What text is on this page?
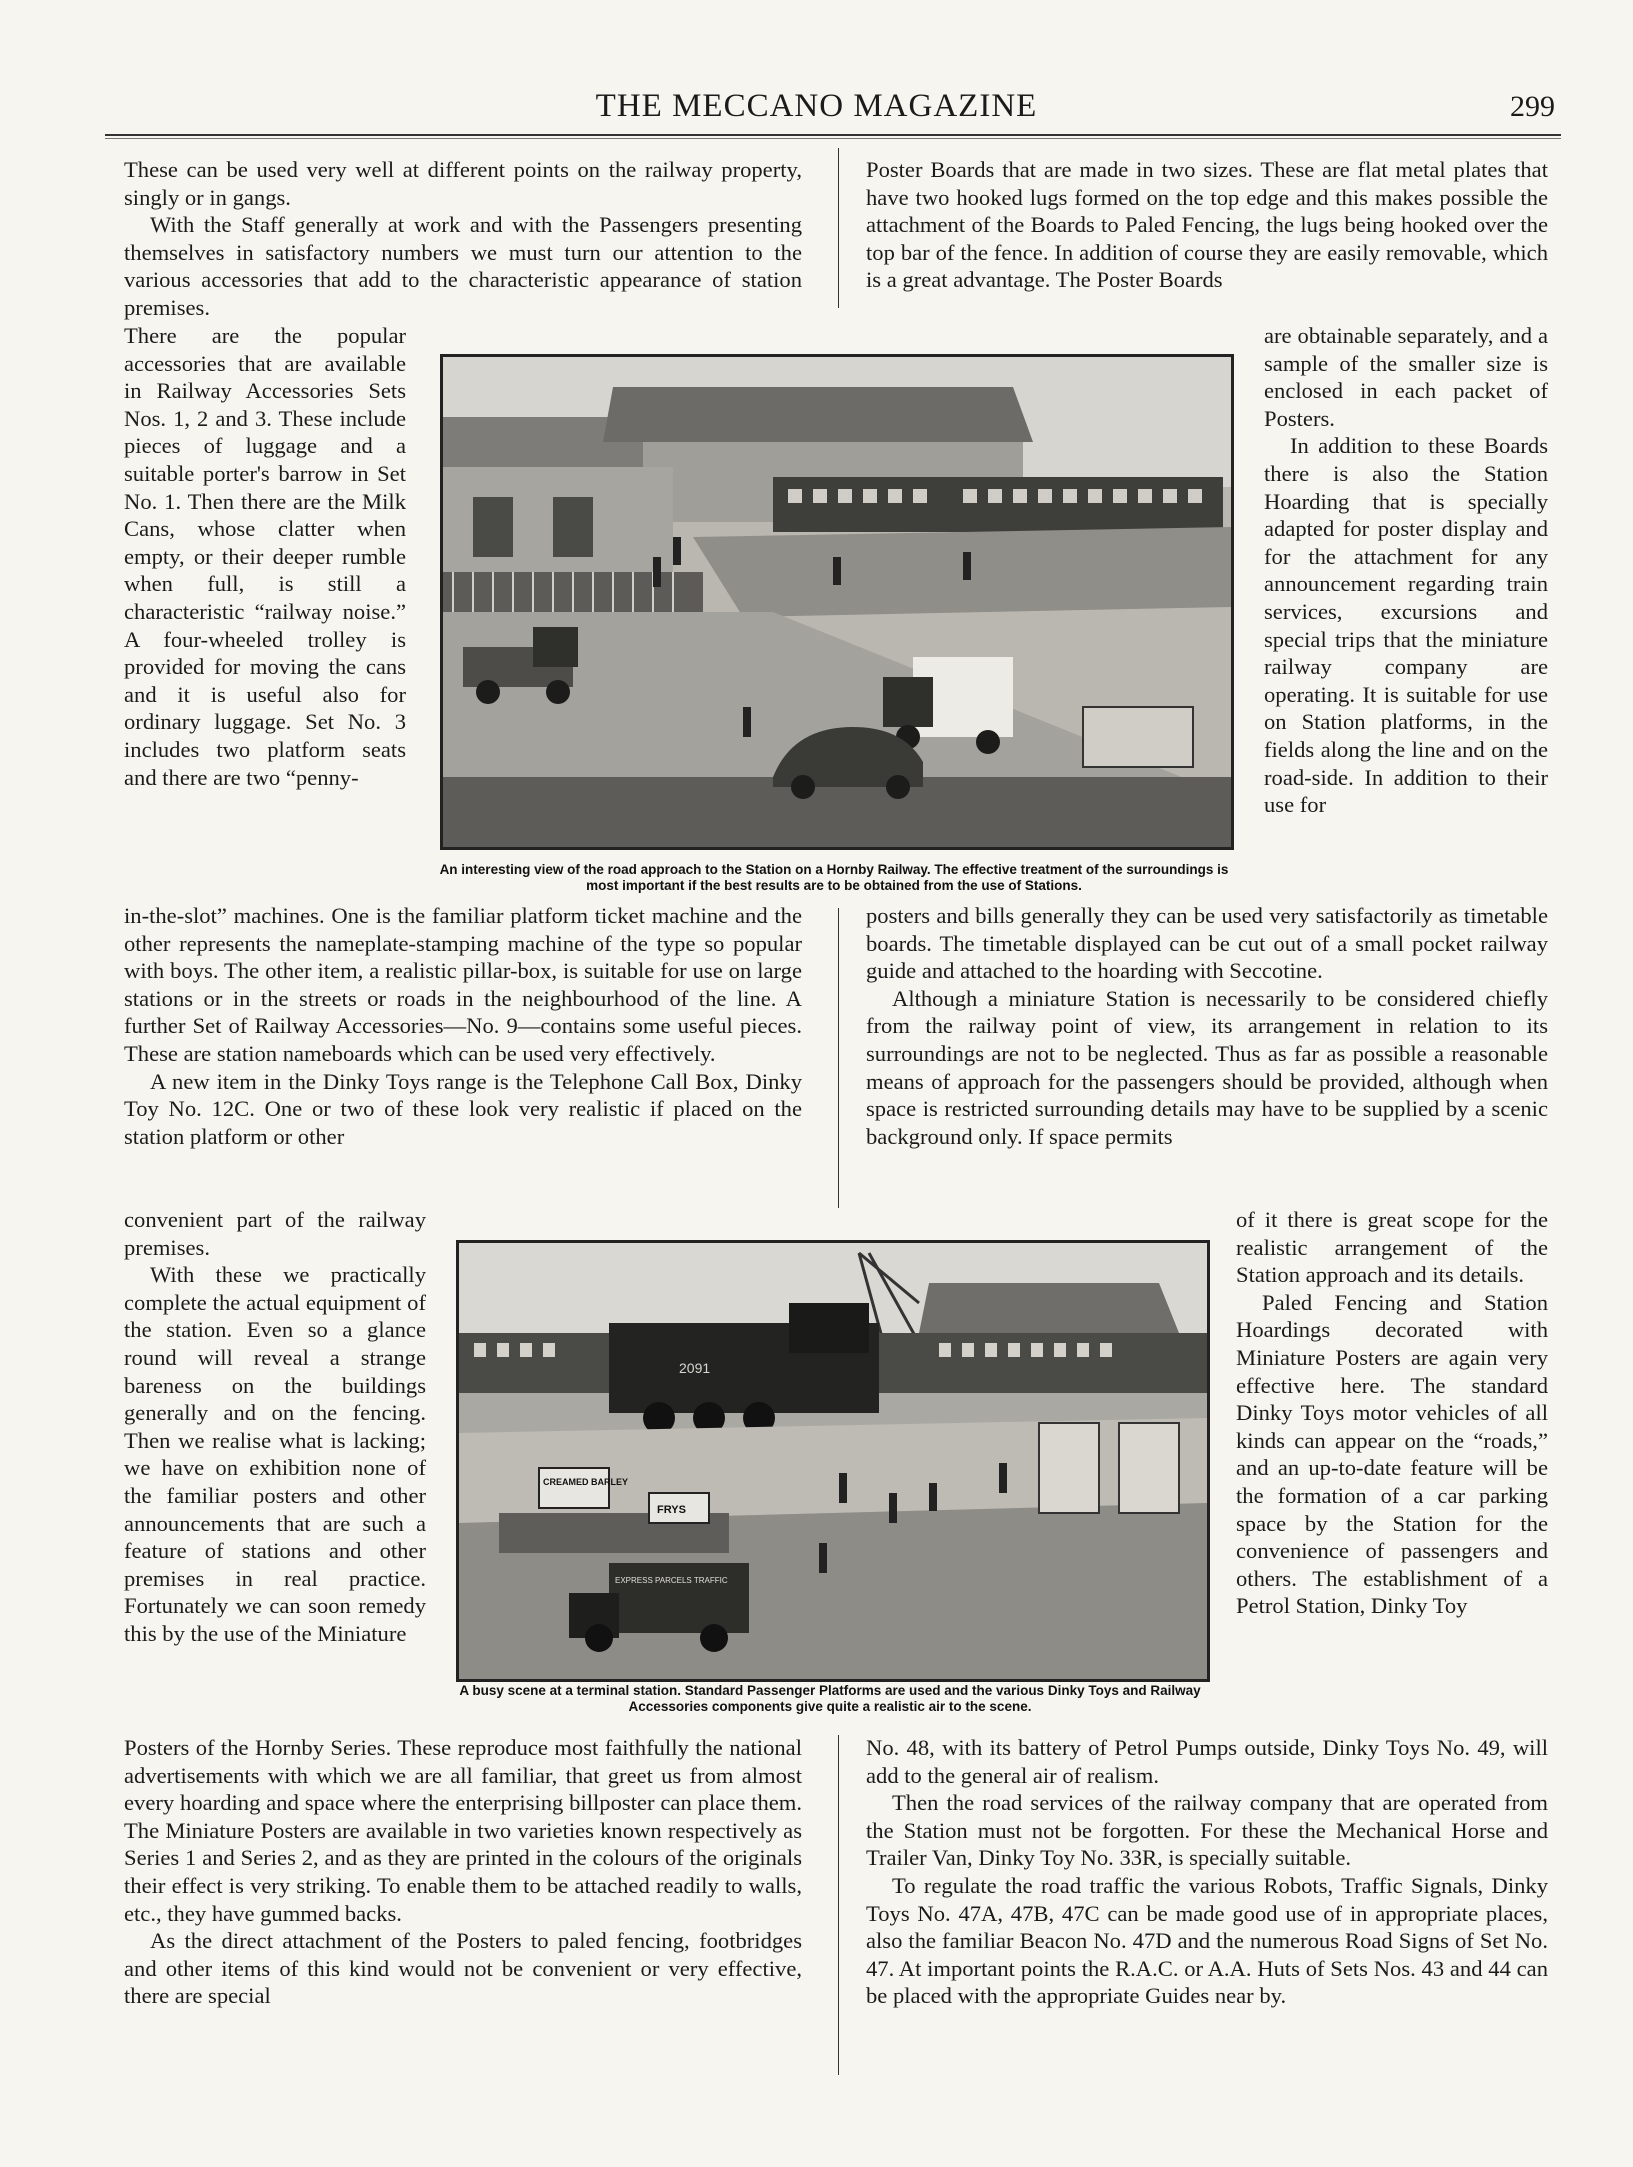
THE MECCANO MAGAZINE	299

These can be used very well at different points on the railway property, singly or in gangs.

With the Staff generally at work and with the Passengers presenting themselves in satisfactory numbers we must turn our attention to the various accessories that add to the characteristic appearance of station premises.

There are the popular accessories that are available in Railway Accessories Sets Nos. 1, 2 and 3. These include pieces of luggage and a suitable porter's barrow in Set No. 1. Then there are the Milk Cans, whose clatter when empty, or their deeper rumble when full, is still a characteristic “railway noise.” A four-wheeled trolley is provided for moving the cans and it is useful also for ordinary luggage. Set No. 3 includes two platform seats and there are two “penny-

in-the-slot” machines. One is the familiar platform ticket machine and the other represents the nameplate-stamping machine of the type so popular with boys. The other item, a realistic pillar-box, is suitable for use on large stations or in the streets or roads in the neighbourhood of the line. A further Set of Railway Accessories—No. 9—contains some useful pieces. These are station nameboards which can be used very effectively.

A new item in the Dinky Toys range is the Telephone Call Box, Dinky Toy No. 12C. One or two of these look very realistic if placed on the station platform or other

convenient part of the railway premises.

With these we practically complete the actual equipment of the station. Even so a glance round will reveal a strange bareness on the buildings generally and on the fencing. Then we realise what is lacking; we have on exhibition none of the familiar posters and other announcements that are such a feature of stations and other premises in real practice. Fortunately we can soon remedy this by the use of the Miniature

Posters of the Hornby Series. These reproduce most faithfully the national advertisements with which we are all familiar, that greet us from almost every hoarding and space where the enterprising billposter can place them. The Miniature Posters are available in two varieties known respectively as Series 1 and Series 2, and as they are printed in the colours of the originals their effect is very striking. To enable them to be attached readily to walls, etc., they have gummed backs.

As the direct attachment of the Posters to paled fencing, footbridges and other items of this kind would not be convenient or very effective, there are special

Poster Boards that are made in two sizes. These are flat metal plates that have two hooked lugs formed on the top edge and this makes possible the attachment of the Boards to Paled Fencing, the lugs being hooked over the top bar of the fence. In addition of course they are easily removable, which is a great advantage. The Poster Boards

are obtainable separately, and a sample of the smaller size is enclosed in each packet of Posters.

In addition to these Boards there is also the Station Hoarding that is specially adapted for poster display and for the attachment for any announcement regarding train services, excursions and special trips that the miniature railway company are operating. It is suitable for use on Station platforms, in the fields along the line and on the road-side. In addition to their use for

posters and bills generally they can be used very satisfactorily as timetable boards. The timetable displayed can be cut out of a small pocket railway guide and attached to the hoarding with Seccotine.

Although a miniature Station is necessarily to be considered chiefly from the railway point of view, its arrangement in relation to its surroundings are not to be neglected. Thus as far as possible a reasonable means of approach for the passengers should be provided, although when space is restricted surrounding details may have to be supplied by a scenic background only. If space permits

of it there is great scope for the realistic arrangement of the Station approach and its details.

Paled Fencing and Station Hoardings decorated with Miniature Posters are again very effective here. The standard Dinky Toys motor vehicles of all kinds can appear on the “roads,” and an up-to-date feature will be the formation of a car parking space by the Station for the convenience of passengers and others. The establishment of a Petrol Station, Dinky Toy

No. 48, with its battery of Petrol Pumps outside, Dinky Toys No. 49, will add to the general air of realism.

Then the road services of the railway company that are operated from the Station must not be forgotten. For these the Mechanical Horse and Trailer Van, Dinky Toy No. 33R, is specially suitable.

To regulate the road traffic the various Robots, Traffic Signals, Dinky Toys No. 47A, 47B, 47C can be made good use of in appropriate places, also the familiar Beacon No. 47D and the numerous Road Signs of Set No. 47. At important points the R.A.C. or A.A. Huts of Sets Nos. 43 and 44 can be placed with the appropriate Guides near by.

An interesting view of the road approach to the Station on a Hornby Railway. The effective treatment of the surroundings is most important if the best results are to be obtained from the use of Stations.
2091
CREAMED BARLEY
FRYS
EXPRESS PARCELS TRAFFIC
A busy scene at a terminal station. Standard Passenger Platforms are used and the various Dinky Toys and Railway Accessories components give quite a realistic air to the scene.
